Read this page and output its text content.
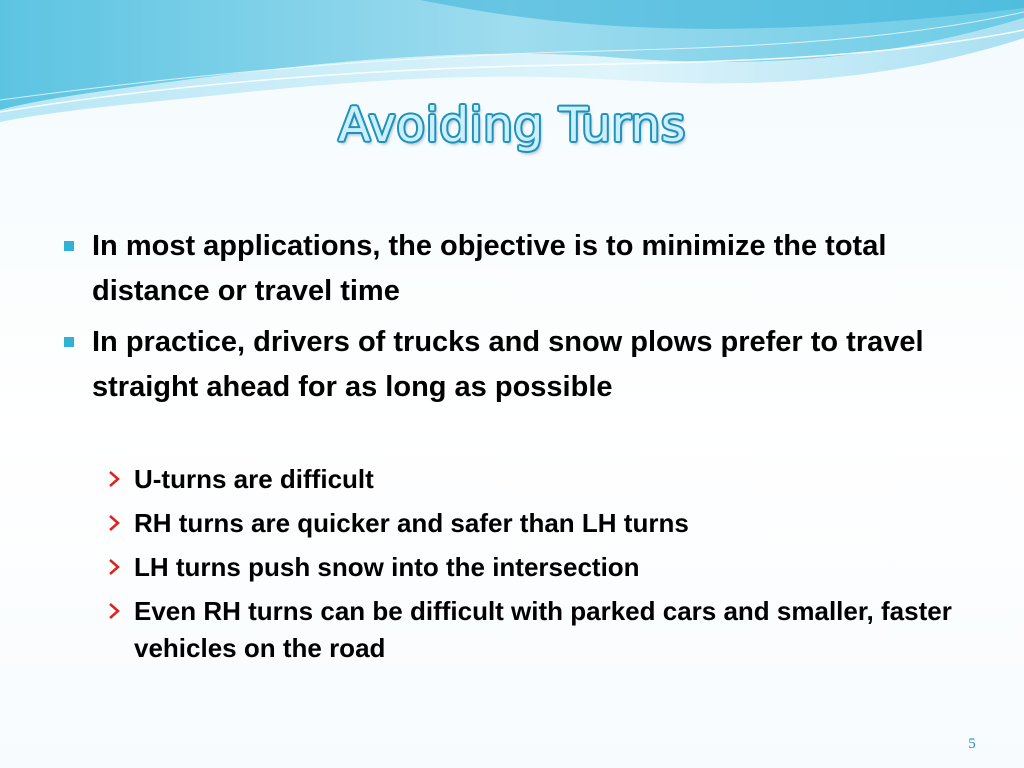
Avoiding Turns
In most applications, the objective is to minimize the total distance or travel time
In practice, drivers of trucks and snow plows prefer to travel straight ahead for as long as possible
U-turns are difficult
RH turns are quicker and safer than LH turns
LH turns push snow into the intersection
Even RH turns can be difficult with parked cars and smaller, faster vehicles on the road
5
